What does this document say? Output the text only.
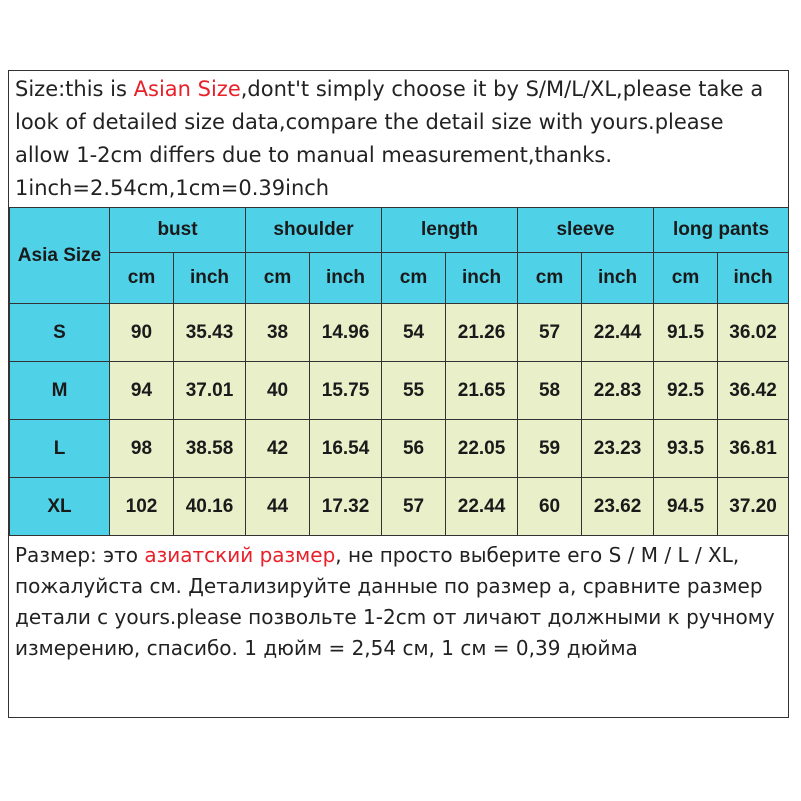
Size:this is Asian Size,dont't simply choose it by S/M/L/XL,please take a look of detailed size data,compare the detail size with yours.please allow 1-2cm differs due to manual measurement,thanks. 1inch=2.54cm,1cm=0.39inch

Asia Size	bust		shoulder		length		sleeve		long pants	
	cm	inch	cm	inch	cm	inch	cm	inch	cm	inch
S	90	35.43	38	14.96	54	21.26	57	22.44	91.5	36.02
M	94	37.01	40	15.75	55	21.65	58	22.83	92.5	36.42
L	98	38.58	42	16.54	56	22.05	59	23.23	93.5	36.81
XL	102	40.16	44	17.32	57	22.44	60	23.62	94.5	37.20

Размер: это азиатский размер, не просто выберите его S / M / L / XL, пожалуйста см. Детализируйте данные по размер а, сравните размер детали с yours.please позвольте 1-2cm от личают должными к ручному измерению, спасибо. 1 дюйм = 2,54 см, 1 см = 0,39 дюйма
